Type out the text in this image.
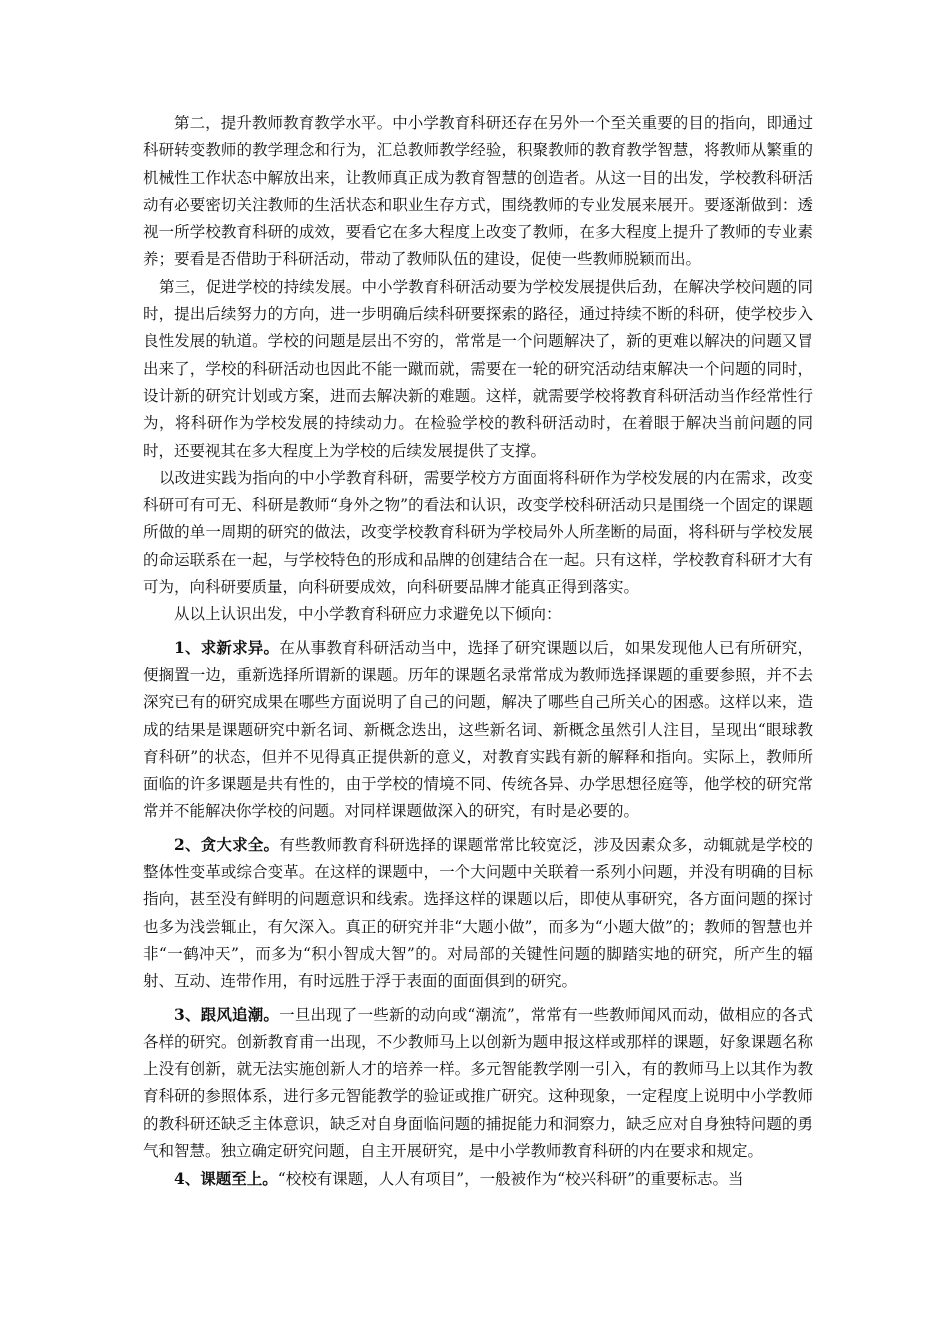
第二，提升教师教育教学水平。中小学教育科研还存在另外一个至关重要的目的指向，即通过科研转变教师的教学理念和行为，汇总教师教学经验，积聚教师的教育教学智慧，将教师从繁重的机械性工作状态中解放出来，让教师真正成为教育智慧的创造者。从这一目的出发，学校教科研活动有必要密切关注教师的生活状态和职业生存方式，围绕教师的专业发展来展开。要逐渐做到：透视一所学校教育科研的成效，要看它在多大程度上改变了教师，在多大程度上提升了教师的专业素养；要看是否借助于科研活动，带动了教师队伍的建设，促使一些教师脱颖而出。

第三，促进学校的持续发展。中小学教育科研活动要为学校发展提供后劲，在解决学校问题的同时，提出后续努力的方向，进一步明确后续科研要探索的路径，通过持续不断的科研，使学校步入良性发展的轨道。学校的问题是层出不穷的，常常是一个问题解决了，新的更难以解决的问题又冒出来了，学校的科研活动也因此不能一蹴而就，需要在一轮的研究活动结束解决一个问题的同时，设计新的研究计划或方案，进而去解决新的难题。这样，就需要学校将教育科研活动当作经常性行为，将科研作为学校发展的持续动力。在检验学校的教科研活动时，在着眼于解决当前问题的同时，还要视其在多大程度上为学校的后续发展提供了支撑。

以改进实践为指向的中小学教育科研，需要学校方方面面将科研作为学校发展的内在需求，改变科研可有可无、科研是教师“身外之物”的看法和认识，改变学校科研活动只是围绕一个固定的课题所做的单一周期的研究的做法，改变学校教育科研为学校局外人所垄断的局面，将科研与学校发展的命运联系在一起，与学校特色的形成和品牌的创建结合在一起。只有这样，学校教育科研才大有可为，向科研要质量，向科研要成效，向科研要品牌才能真正得到落实。

从以上认识出发，中小学教育科研应力求避免以下倾向：

1、求新求异。在从事教育科研活动当中，选择了研究课题以后，如果发现他人已有所研究，便搁置一边，重新选择所谓新的课题。历年的课题名录常常成为教师选择课题的重要参照，并不去深究已有的研究成果在哪些方面说明了自己的问题，解决了哪些自己所关心的困惑。这样以来，造成的结果是课题研究中新名词、新概念迭出，这些新名词、新概念虽然引人注目，呈现出“眼球教育科研”的状态，但并不见得真正提供新的意义，对教育实践有新的解释和指向。实际上，教师所面临的许多课题是共有性的，由于学校的情境不同、传统各异、办学思想径庭等，他学校的研究常常并不能解决你学校的问题。对同样课题做深入的研究，有时是必要的。

2、贪大求全。有些教师教育科研选择的课题常常比较宽泛，涉及因素众多，动辄就是学校的整体性变革或综合变革。在这样的课题中，一个大问题中关联着一系列小问题，并没有明确的目标指向，甚至没有鲜明的问题意识和线索。选择这样的课题以后，即使从事研究，各方面问题的探讨也多为浅尝辄止，有欠深入。真正的研究并非“大题小做”，而多为“小题大做”的；教师的智慧也并非“一鹤冲天”，而多为“积小智成大智”的。对局部的关键性问题的脚踏实地的研究，所产生的辐射、互动、连带作用，有时远胜于浮于表面的面面俱到的研究。

3、跟风追潮。一旦出现了一些新的动向或“潮流”，常常有一些教师闻风而动，做相应的各式各样的研究。创新教育甫一出现，不少教师马上以创新为题申报这样或那样的课题，好象课题名称上没有创新，就无法实施创新人才的培养一样。多元智能教学刚一引入，有的教师马上以其作为教育科研的参照体系，进行多元智能教学的验证或推广研究。这种现象，一定程度上说明中小学教师的教科研还缺乏主体意识，缺乏对自身面临问题的捕捉能力和洞察力，缺乏应对自身独特问题的勇气和智慧。独立确定研究问题，自主开展研究，是中小学教师教育科研的内在要求和规定。

4、课题至上。“校校有课题，人人有项目”，一般被作为“校兴科研”的重要标志。当
